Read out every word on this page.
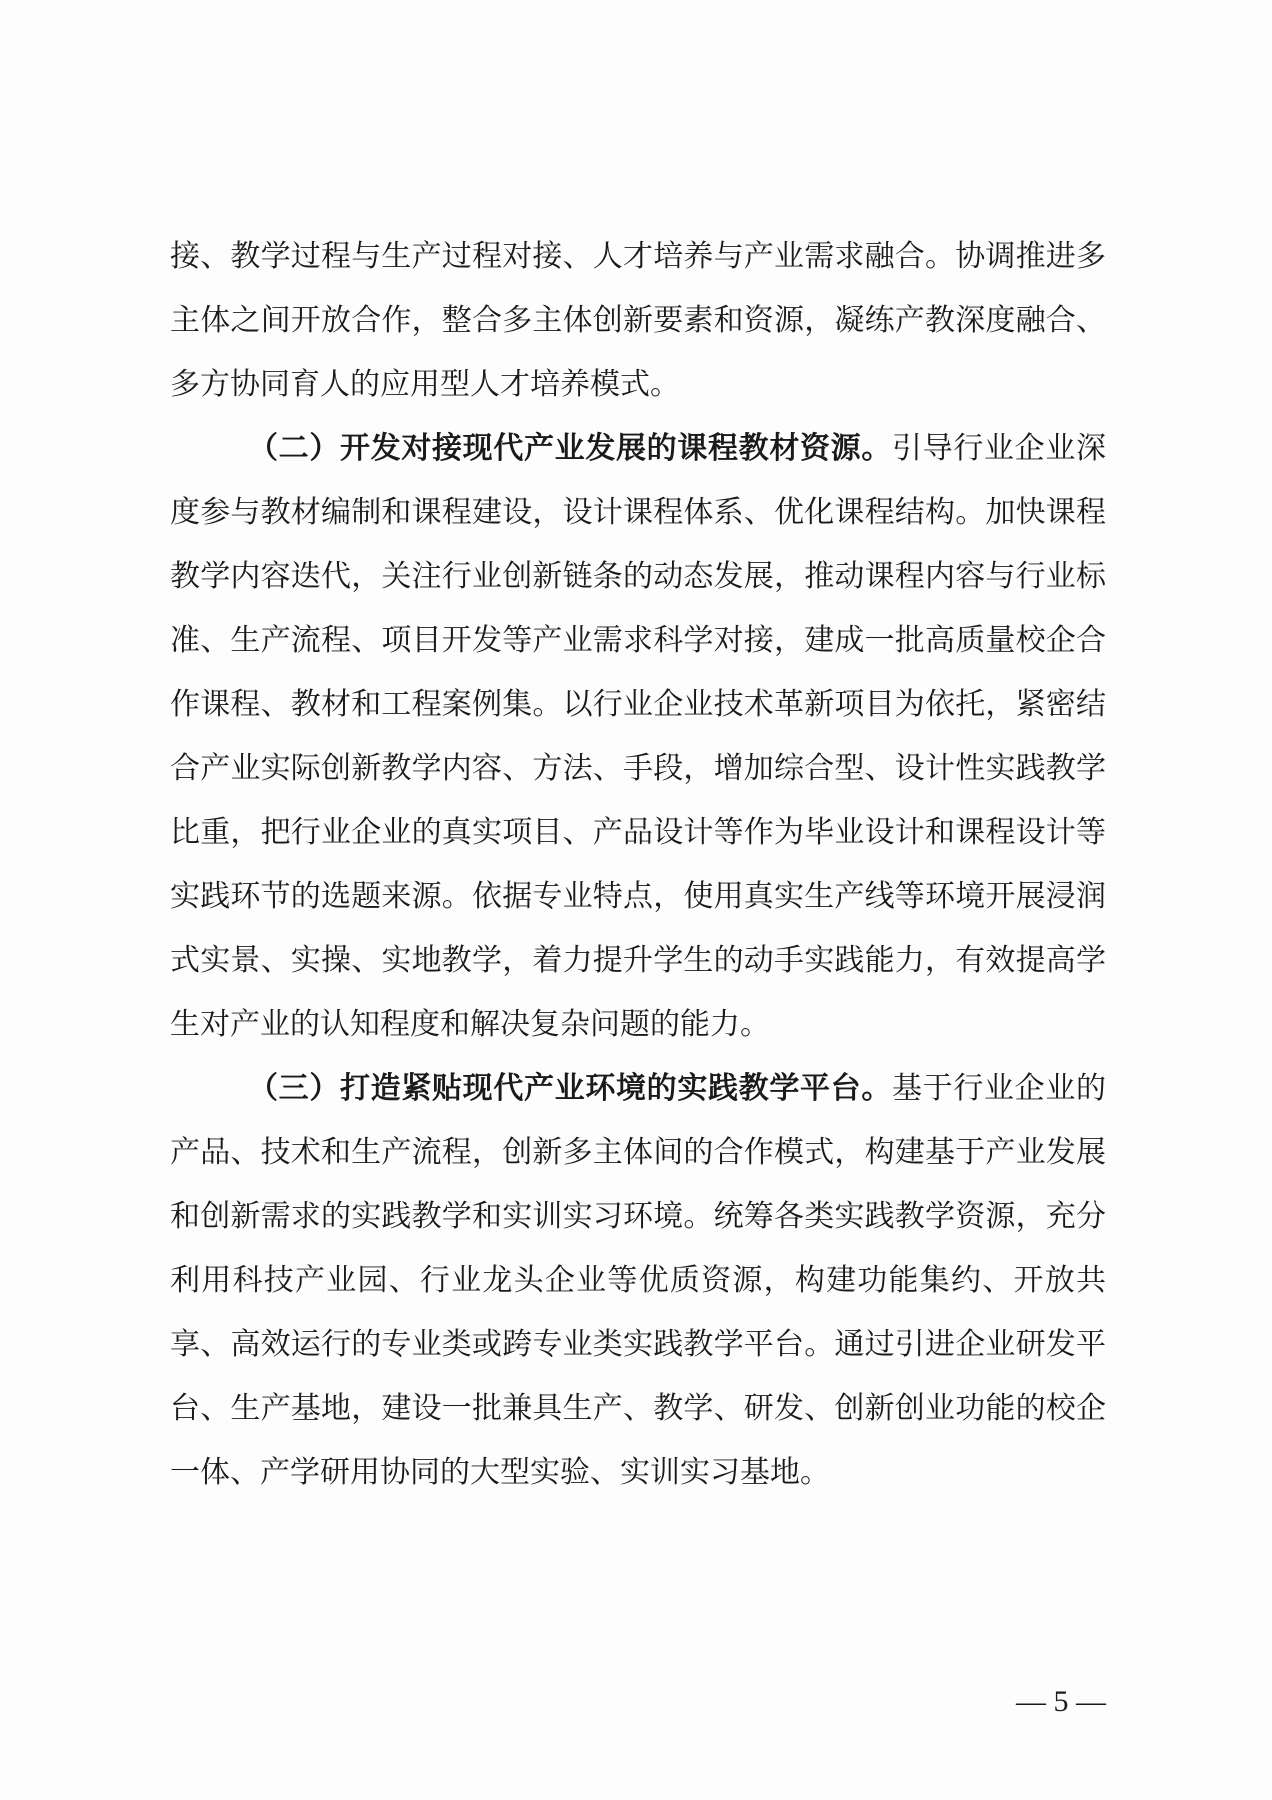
接、教学过程与生产过程对接、人才培养与产业需求融合。协调推进多主体之间开放合作，整合多主体创新要素和资源，凝练产教深度融合、多方协同育人的应用型人才培养模式。

（二）开发对接现代产业发展的课程教材资源。引导行业企业深度参与教材编制和课程建设，设计课程体系、优化课程结构。加快课程教学内容迭代，关注行业创新链条的动态发展，推动课程内容与行业标准、生产流程、项目开发等产业需求科学对接，建成一批高质量校企合作课程、教材和工程案例集。以行业企业技术革新项目为依托，紧密结合产业实际创新教学内容、方法、手段，增加综合型、设计性实践教学比重，把行业企业的真实项目、产品设计等作为毕业设计和课程设计等实践环节的选题来源。依据专业特点，使用真实生产线等环境开展浸润式实景、实操、实地教学，着力提升学生的动手实践能力，有效提高学生对产业的认知程度和解决复杂问题的能力。

（三）打造紧贴现代产业环境的实践教学平台。基于行业企业的产品、技术和生产流程，创新多主体间的合作模式，构建基于产业发展和创新需求的实践教学和实训实习环境。统筹各类实践教学资源，充分利用科技产业园、行业龙头企业等优质资源，构建功能集约、开放共享、高效运行的专业类或跨专业类实践教学平台。通过引进企业研发平台、生产基地，建设一批兼具生产、教学、研发、创新创业功能的校企一体、产学研用协同的大型实验、实训实习基地。

— 5 —
